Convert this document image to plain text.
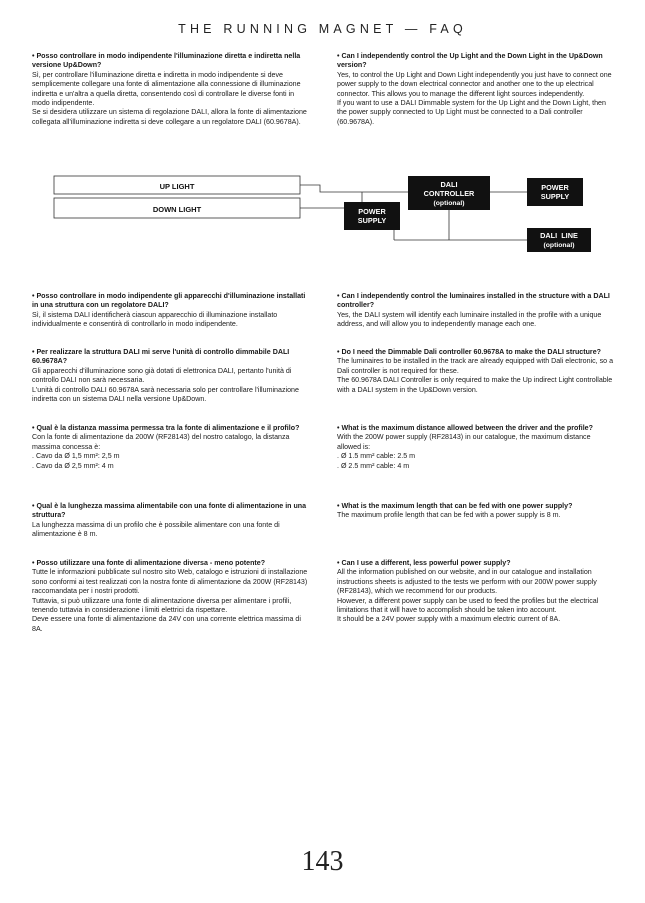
THE RUNNING MAGNET — FAQ
• Posso controllare in modo indipendente l'illuminazione diretta e indiretta nella versione Up&Down?
Sì, per controllare l'illuminazione diretta e indiretta in modo indipendente si deve semplicemente collegare una fonte di alimentazione alla connessione di illuminazione indiretta e un'altra a quella diretta, consentendo così di controllare le diverse fonti in modo indipendente.
Se si desidera utilizzare un sistema di regolazione DALI, allora la fonte di alimentazione collegata all'illuminazione indiretta si deve collegare a un regolatore DALI (60.9678A).
• Posso controllare in modo indipendente gli apparecchi d'illuminazione installati in una struttura con un regolatore DALI?
Sì, il sistema DALI identificherà ciascun apparecchio di illuminazione installato individualmente e consentirà di controllarlo in modo indipendente.
• Per realizzare la struttura DALI mi serve l'unità di controllo dimmabile DALI 60.9678A?
Gli apparecchi d'illuminazione sono già dotati di elettronica DALI, pertanto l'unità di controllo DALI non sarà necessaria.
L'unità di controllo DALI 60.9678A sarà necessaria solo per controllare l'illuminazione indiretta con un sistema DALI nella versione Up&Down.
• Qual è la distanza massima permessa tra la fonte di alimentazione e il profilo?
Con la fonte di alimentazione da 200W (RF28143) del nostro catalogo, la distanza massima concessa è:
. Cavo da Ø 1,5 mm²: 2,5 m
. Cavo da Ø 2,5 mm²: 4 m
• Qual è la lunghezza massima alimentabile con una fonte di alimentazione in una struttura?
La lunghezza massima di un profilo che è possibile alimentare con una fonte di alimentazione è 8 m.
• Posso utilizzare una fonte di alimentazione diversa - meno potente?
Tutte le informazioni pubblicate sul nostro sito Web, catalogo e istruzioni di installazione sono conformi ai test realizzati con la nostra fonte di alimentazione da 200W (RF28143) raccomandata per i nostri prodotti.
Tuttavia, si può utilizzare una fonte di alimentazione diversa per alimentare i profili, tenendo tuttavia in considerazione i limiti elettrici da rispettare.
Deve essere una fonte di alimentazione da 24V con una corrente elettrica massima di 8A.
• Can I independently control the Up Light and the Down Light in the Up&Down version?
Yes, to control the Up Light and Down Light independently you just have to connect one power supply to the down electrical connector and another one to the up electrical connector. This allows you to manage the different light sources independently.
If you want to use a DALI Dimmable system for the Up Light and the Down Light, then the power supply connected to Up Light must be connected to a Dali controller (60.9678A).
• Can I independently control the luminaires installed in the structure with a DALI controller?
Yes, the DALI system will identify each luminaire installed in the profile with a unique address, and will allow you to independently manage each one.
• Do I need the Dimmable Dali controller 60.9678A to make the DALI structure?
The luminaires to be installed in the track are already equipped with Dali electronic, so a Dali controller is not required for these.
The 60.9678A DALI Controller is only required to make the Up indirect Light controllable with a DALI system in the Up&Down version.
• What is the maximum distance allowed between the driver and the profile?
With the 200W power supply (RF28143) in our catalogue, the maximum distance allowed is:
. Ø 1.5 mm² cable: 2.5 m
. Ø 2.5 mm² cable: 4 m
• What is the maximum length that can be fed with one power supply?
The maximum profile length that can be fed with a power supply is 8 m.
• Can I use a different, less powerful power supply?
All the information published on our website, and in our catalogue and installation instructions sheets is adjusted to the tests we perform with our 200W power supply (RF28143), which we recommend for our products.
However, a different power supply can be used to feed the profiles but the electrical limitations that it will have to accomplish should be taken into account.
It should be a 24V power supply with a maximum electric current of 8A.
UP LIGHT
DOWN LIGHT	POWER
SUPPLY
DALI
CONTROLLER
(optional)
POWER
SUPPLY
DALI  LINE
(optional)
143
